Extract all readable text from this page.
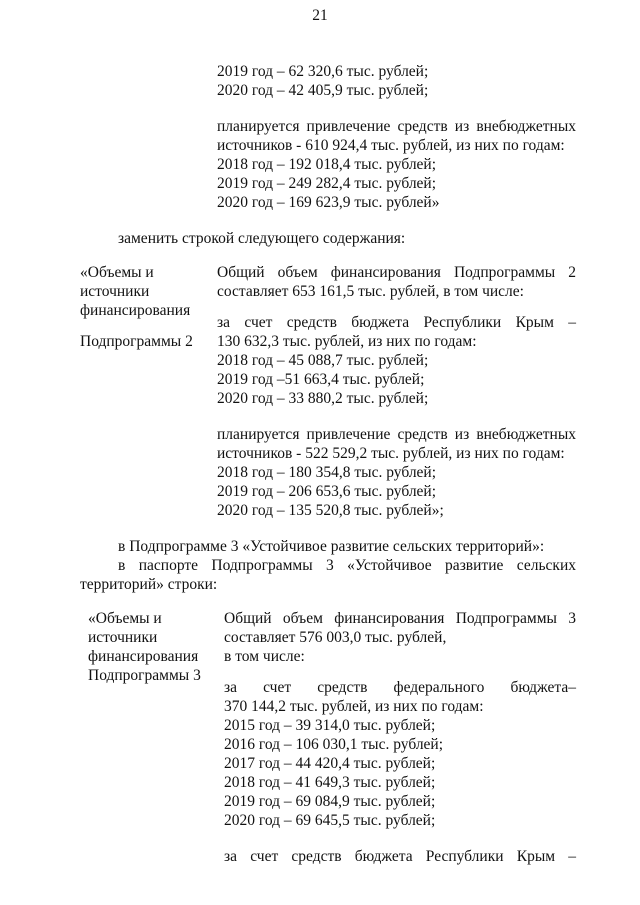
21
2019 год – 62 320,6 тыс. рублей;
2020 год – 42 405,9 тыс. рублей;
планируется привлечение средств из внебюджетных
источников - 610 924,4 тыс. рублей, из них по годам:
2018 год – 192 018,4 тыс. рублей;
2019 год – 249 282,4 тыс. рублей;
2020 год – 169 623,9 тыс. рублей»
заменить строкой следующего содержания:
«Объемы и
источники
финансирования
Подпрограммы 2
Общий объем финансирования Подпрограммы 2
составляет 653 161,5 тыс. рублей, в том числе:
за счет средств бюджета Республики Крым –
130 632,3 тыс. рублей, из них по годам:
2018 год – 45 088,7 тыс. рублей;
2019 год –51 663,4 тыс. рублей;
2020 год – 33 880,2 тыс. рублей;
планируется привлечение средств из внебюджетных
источников - 522 529,2 тыс. рублей, из них по годам:
2018 год – 180 354,8 тыс. рублей;
2019 год – 206 653,6 тыс. рублей;
2020 год – 135 520,8 тыс. рублей»;
в Подпрограмме 3 «Устойчивое развитие сельских территорий»:
в паспорте Подпрограммы 3 «Устойчивое развитие сельских
территорий» строки:
«Объемы и
источники
финансирования
Подпрограммы 3
Общий объем финансирования Подпрограммы 3
составляет 576 003,0 тыс. рублей,
в том числе:
за счет средств федерального бюджета–
370 144,2 тыс. рублей, из них по годам:
2015 год – 39 314,0 тыс. рублей;
2016 год – 106 030,1 тыс. рублей;
2017 год – 44 420,4 тыс. рублей;
2018 год – 41 649,3 тыс. рублей;
2019 год – 69 084,9 тыс. рублей;
2020 год – 69 645,5 тыс. рублей;
за счет средств бюджета Республики Крым –
